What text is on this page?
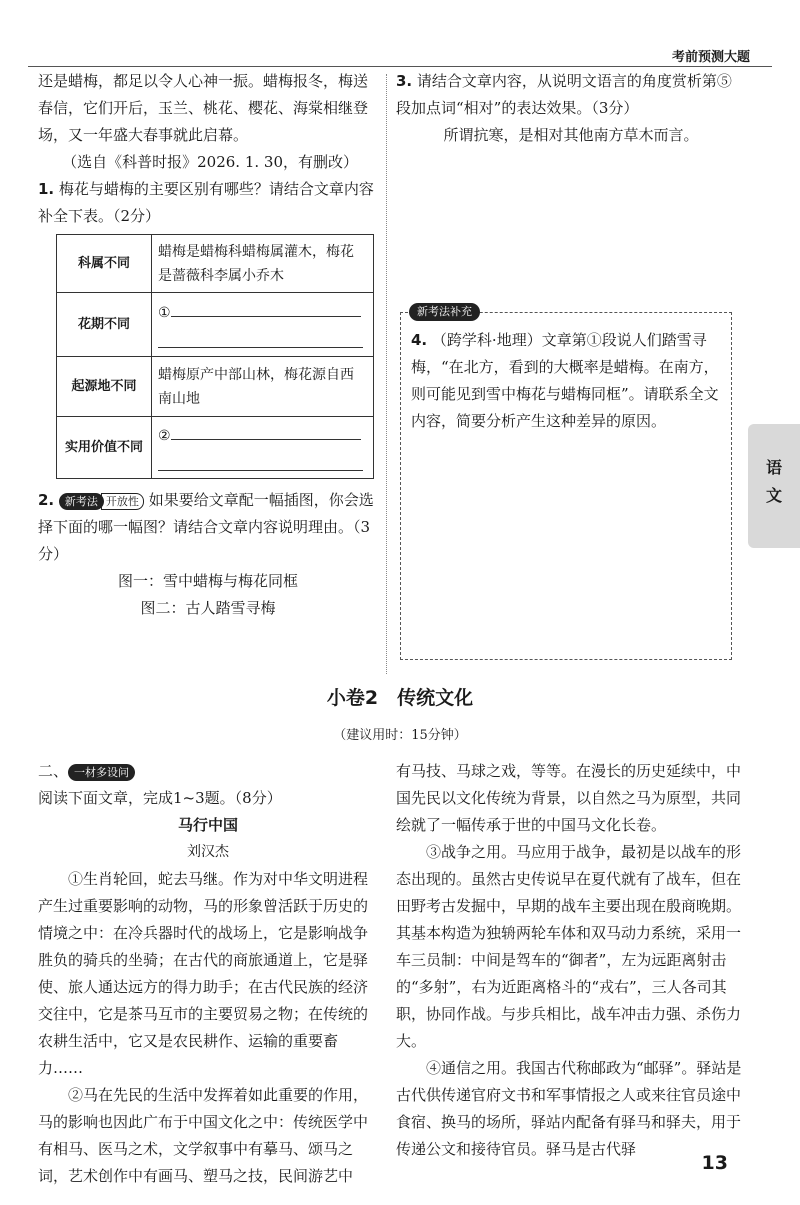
考前预测大题

还是蜡梅，都足以令人心神一振。蜡梅报冬，梅送春信，它们开后，玉兰、桃花、樱花、海棠相继登场，又一年盛大春事就此启幕。

（选自《科普时报》2026. 1. 30，有删改）

1. 梅花与蜡梅的主要区别有哪些？请结合文章内容补全下表。（2分）

科属不同	蜡梅是蜡梅科蜡梅属灌木，梅花是蔷薇科李属小乔木
花期不同	①

起源地不同	蜡梅原产中部山林，梅花源自西南山地
实用价值不同	②

2. 新考法 开放性 如果要给文章配一幅插图，你会选择下面的哪一幅图？请结合文章内容说明理由。（3分）

图一：雪中蜡梅与梅花同框

图二：古人踏雪寻梅

3. 请结合文章内容，从说明文语言的角度赏析第⑤段加点词“相对”的表达效果。（3分）

所谓抗寒，是相对其他南方草木而言。

新考法补充
4. （跨学科·地理）文章第①段说人们踏雪寻梅，“在北方，看到的大概率是蜡梅。在南方，则可能见到雪中梅花与蜡梅同框”。请联系全文内容，简要分析产生这种差异的原因。
语
文
小卷2　传统文化
（建议用时：15分钟）

二、 一材多设问 阅读下面文章，完成1~3题。（8分）

马行中国

刘汉杰

①生肖轮回，蛇去马继。作为对中华文明进程产生过重要影响的动物，马的形象曾活跃于历史的情境之中：在冷兵器时代的战场上，它是影响战争胜负的骑兵的坐骑；在古代的商旅通道上，它是驿使、旅人通达远方的得力助手；在古代民族的经济交往中，它是茶马互市的主要贸易之物；在传统的农耕生活中，它又是农民耕作、运输的重要畜力……

②马在先民的生活中发挥着如此重要的作用，马的影响也因此广布于中国文化之中：传统医学中有相马、医马之术，文学叙事中有摹马、颂马之词，艺术创作中有画马、塑马之技，民间游艺中

有马技、马球之戏，等等。在漫长的历史延续中，中国先民以文化传统为背景，以自然之马为原型，共同绘就了一幅传承于世的中国马文化长卷。

③战争之用。马应用于战争，最初是以战车的形态出现的。虽然古史传说早在夏代就有了战车，但在田野考古发掘中，早期的战车主要出现在殷商晚期。其基本构造为独辀两轮车体和双马动力系统，采用一车三员制：中间是驾车的“御者”，左为远距离射击的“多射”，右为近距离格斗的“戎右”，三人各司其职，协同作战。与步兵相比，战车冲击力强、杀伤力大。

④通信之用。我国古代称邮政为“邮驿”。驿站是古代供传递官府文书和军事情报之人或来往官员途中食宿、换马的场所，驿站内配备有驿马和驿夫，用于传递公文和接待官员。驿马是古代驿

13
